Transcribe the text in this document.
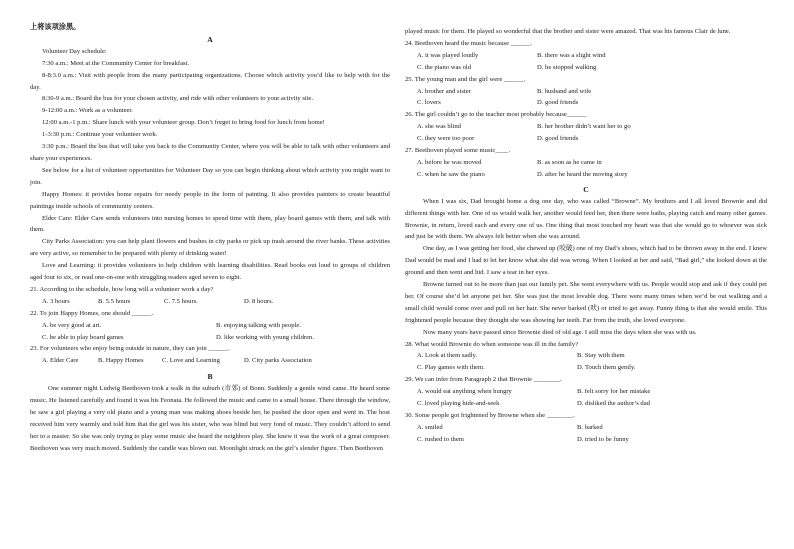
上将该项涂黑。

A

Volunteer Day schedule:

7:30 a.m.: Meet at the Community Center for breakfast.

8-8:3.0 a.m.: Visit with people from the many participating organizations. Choose which activity you’d like to help with for the day.

8:30-9 a.m.: Board the bus for your chosen activity, and ride with other volunteers to your activity site.

9-12:00 a.m.: Work as a volunteer.

12:00 a.m.-1 p.m.: Share lunch with your volunteer group. Don’t forget to bring food for lunch from home!

1-3:30 p.m.: Continue your volunteer work.

3:30 p.m.: Board the bus that will take you back to the Community Center, where you will be able to talk with other volunteers and share your experiences.

See below for a list of volunteer opportunities for Volunteer Day so you can begin thinking about which activity you might want to join.

Happy Homes: it provides home repairs for needy people in the form of painting. It also provides painters to create beautiful paintings inside schools of community centers.

Elder Care: Elder Care sends volunteers into nursing homes to spend time with them, play board games with them, and talk with them.

City Parks Association: you can help plant flowers and bushes in city parks or pick up trash around the river banks. These activities are very active, so remember to be prepared with plenty of drinking water!

Love and Learning: it provides volunteers to help children with learning disabilities. Read books out loud to groups of children aged four to six, or read one-on-one with struggling readers aged seven to eight.

21. According to the schedule, how long will a volunteer work a day?

A. 3 hours	B. 5.5 hours	C. 7.5 hours.	D. 8 hours.

22. To join Happy Homes, one should ______.

A. be very good at art.	B. enjoying talking with people.
C. be able to play board games	D. like working with young children.

23. For volunteers who enjoy being outside in nature, they can join ______.

A. Elder Care	B. Happy Homes	C. Love and Learning	D. City parks Association

B

One summer night Ludwig Beethoven took a walk in the suburb (市郊) of Bonn. Suddenly a gentle wind came. He heard some music. He listened carefully and found it was his Feonata. He followed the music and came to a small house. There through the window, he saw a girl playing a very old piano and a young man was making shoes beside her, he pushed the door open and went in. The host received him very warmly and told him that the girl was his sister, who was blind but very fond of music. They couldn’t afford to send her to a master. So she was only trying to play some music she heard the neighbors play. She knew it was the work of a great composer. Beethoven was very much moved. Suddenly the candle was blown out. Moonlight struck on the girl’s slender figure. Then Beethoven

played music for them. He played so wonderful that the brother and sister were amazed. That was his famous Clair de lune.

24. Beethoven heard the music because ______.

A. it was played loudly	B. there was a slight wind
C. the piano was old	D. he stopped walking

25. The young man and the girl were ______.

A. brother and sister	B. husband and wife
C. lovers	D. good friends

26. The girl couldn’t go to the teacher most probably because______

A. she was blind	B. her brother didn’t want her to go
C. they were too poor	D. good friends

27. Beethoven played some music____.

A. before he was moved	B. as soon as he came in
C. when he saw the piano	D. after he heard the moving story

C

When I was six, Dad brought home a dog one day, who was called “Browne”. My brothers and I all loved Brownie and did different things with her. One of us would walk her, another would feed her, then there were baths, playing catch and many other games. Brownie, in return, loved each and every one of us. One thing that most touched my heart was that she would go to whoever was sick and just be with them. We always felt better when she was around.

One day, as I was getting her food, she chewed up (咬破) one of my Dad’s shoes, which had to be thrown away in the end. I knew Dad would be mad and I had to let her know what she did was wrong. When I looked at her and said, “Bad girl,” she looked down at the ground and then went and hid. I saw a tear in her eyes.

Browne turned out to be more than just our family pet. She went everywhere with us. People would stop and ask if they could pet her. Of course she’d let anyone pet her. She was just the most lovable dog. There were many times when we’d be out walking and a small child would come over and pull on her hair. She never barked (吠) or tried to get away. Funny thing is that she would smile. This frightened people because they thought she was showing her teeth. Far from the truth, she loved everyone.

Now many years have passed since Brownie died of old age. I still miss the days when she was with us.

28. What would Brownie do when someone was ill in the family?

A. Look at them sadly.	B. Stay with them
C. Play games with them.	D. Touch them gently.

29. We can infer from Paragraph 2 that Brownie ________.

A. would eat anything when hungry	B. felt sorry for her mistake
C. loved playing hide-and-seek	D. disliked the author’s dad

30. Some people got frightened by Browne when she ________.

A. smiled	B. barked
C. rushed to them	D. tried to be funny
